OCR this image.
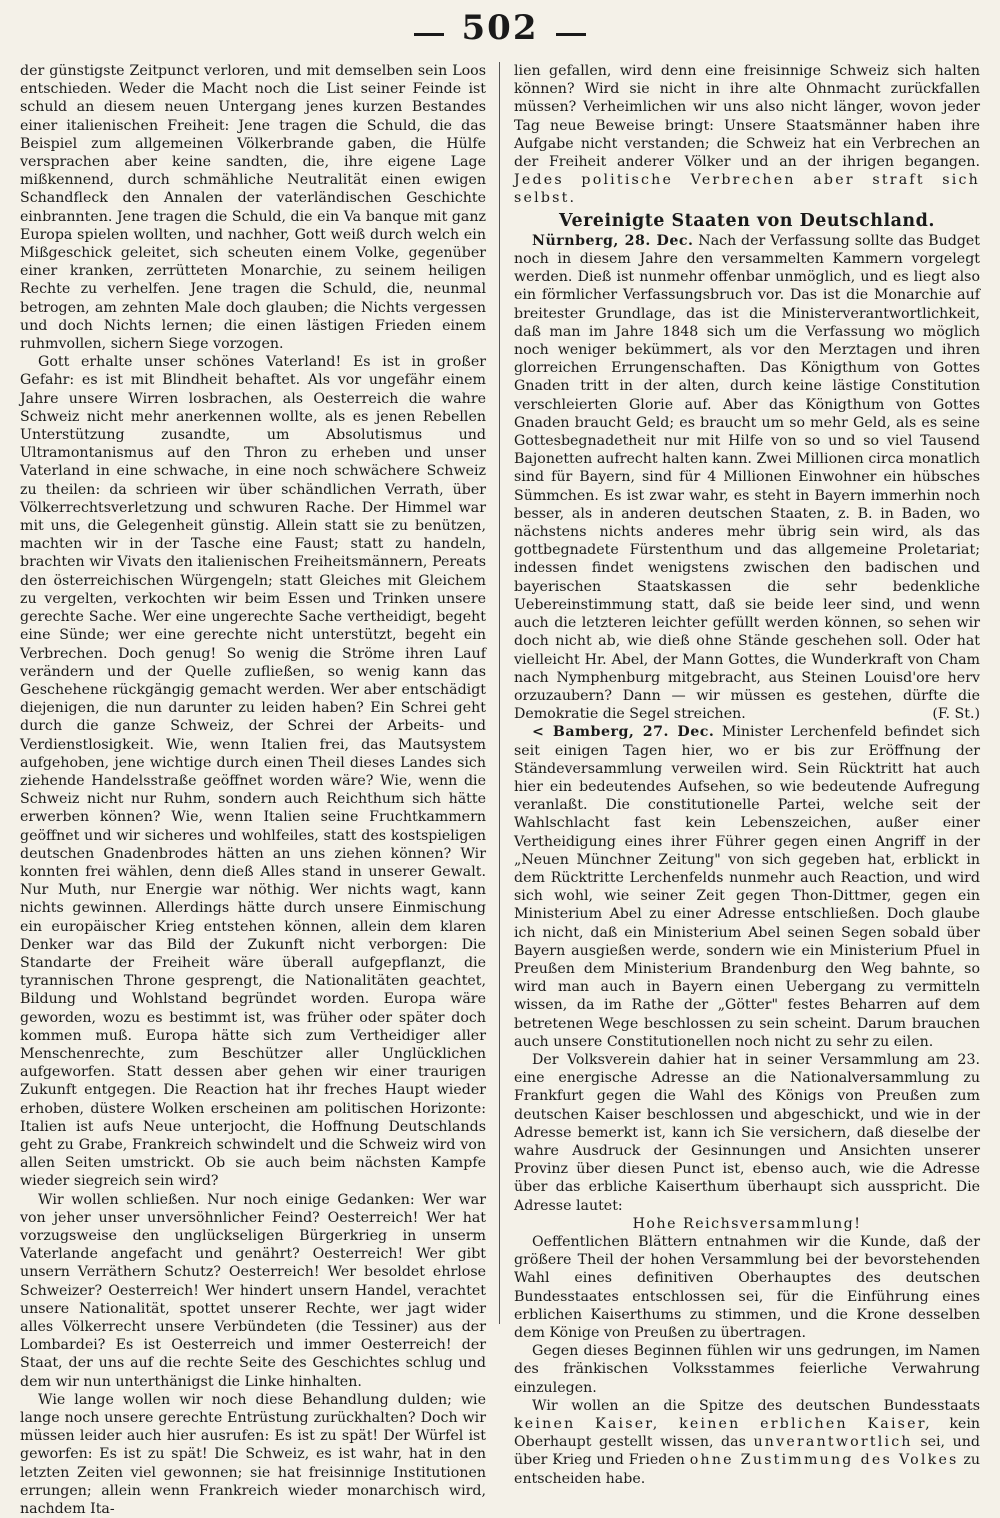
502

der günstigste Zeitpunct verloren, und mit demselben sein Loos entschieden. Weder die Macht noch die List seiner Feinde ist schuld an diesem neuen Untergang jenes kurzen Bestandes einer italienischen Freiheit: Jene tragen die Schuld, die das Beispiel zum allgemeinen Völkerbrande gaben, die Hülfe versprachen aber keine sandten, die, ihre eigene Lage mißkennend, durch schmähliche Neutralität einen ewigen Schandfleck den Annalen der vaterländischen Geschichte einbrannten. Jene tragen die Schuld, die ein Va banque mit ganz Europa spielen wollten, und nachher, Gott weiß durch welch ein Mißgeschick geleitet, sich scheuten einem Volke, gegenüber einer kranken, zerrütteten Monarchie, zu seinem heiligen Rechte zu verhelfen. Jene tragen die Schuld, die, neunmal betrogen, am zehnten Male doch glauben; die Nichts vergessen und doch Nichts lernen; die einen lästigen Frieden einem ruhmvollen, sichern Siege vorzogen.

Gott erhalte unser schönes Vaterland! Es ist in großer Gefahr: es ist mit Blindheit behaftet. Als vor ungefähr einem Jahre unsere Wirren losbrachen, als Oesterreich die wahre Schweiz nicht mehr anerkennen wollte, als es jenen Rebellen Unterstützung zusandte, um Absolutismus und Ultramontanismus auf den Thron zu erheben und unser Vaterland in eine schwache, in eine noch schwächere Schweiz zu theilen: da schrieen wir über schändlichen Verrath, über Völkerrechtsverletzung und schwuren Rache. Der Himmel war mit uns, die Gelegenheit günstig. Allein statt sie zu benützen, machten wir in der Tasche eine Faust; statt zu handeln, brachten wir Vivats den italienischen Freiheitsmännern, Pereats den österreichischen Würgengeln; statt Gleiches mit Gleichem zu vergelten, verkochten wir beim Essen und Trinken unsere gerechte Sache. Wer eine ungerechte Sache vertheidigt, begeht eine Sünde; wer eine gerechte nicht unterstützt, begeht ein Verbrechen. Doch genug! So wenig die Ströme ihren Lauf verändern und der Quelle zufließen, so wenig kann das Geschehene rückgängig gemacht werden. Wer aber entschädigt diejenigen, die nun darunter zu leiden haben? Ein Schrei geht durch die ganze Schweiz, der Schrei der Arbeits- und Verdienstlosigkeit. Wie, wenn Italien frei, das Mautsystem aufgehoben, jene wichtige durch einen Theil dieses Landes sich ziehende Handelsstraße geöffnet worden wäre? Wie, wenn die Schweiz nicht nur Ruhm, sondern auch Reichthum sich hätte erwerben können? Wie, wenn Italien seine Fruchtkammern geöffnet und wir sicheres und wohlfeiles, statt des kostspieligen deutschen Gnadenbrodes hätten an uns ziehen können? Wir konnten frei wählen, denn dieß Alles stand in unserer Gewalt. Nur Muth, nur Energie war nöthig. Wer nichts wagt, kann nichts gewinnen. Allerdings hätte durch unsere Einmischung ein europäischer Krieg entstehen können, allein dem klaren Denker war das Bild der Zukunft nicht verborgen: Die Standarte der Freiheit wäre überall aufgepflanzt, die tyrannischen Throne gesprengt, die Nationalitäten geachtet, Bildung und Wohlstand begründet worden. Europa wäre geworden, wozu es bestimmt ist, was früher oder später doch kommen muß. Europa hätte sich zum Vertheidiger aller Menschenrechte, zum Beschützer aller Unglücklichen aufgeworfen. Statt dessen aber gehen wir einer traurigen Zukunft entgegen. Die Reaction hat ihr freches Haupt wieder erhoben, düstere Wolken erscheinen am politischen Horizonte: Italien ist aufs Neue unterjocht, die Hoffnung Deutschlands geht zu Grabe, Frankreich schwindelt und die Schweiz wird von allen Seiten umstrickt. Ob sie auch beim nächsten Kampfe wieder siegreich sein wird?

Wir wollen schließen. Nur noch einige Gedanken: Wer war von jeher unser unversöhnlicher Feind? Oesterreich! Wer hat vorzugsweise den unglückseligen Bürgerkrieg in unserm Vaterlande angefacht und genährt? Oesterreich! Wer gibt unsern Verräthern Schutz? Oesterreich! Wer besoldet ehrlose Schweizer? Oesterreich! Wer hindert unsern Handel, verachtet unsere Nationalität, spottet unserer Rechte, wer jagt wider alles Völkerrecht unsere Verbündeten (die Tessiner) aus der Lombardei? Es ist Oesterreich und immer Oesterreich! der Staat, der uns auf die rechte Seite des Geschichtes schlug und dem wir nun unterthänigst die Linke hinhalten.

Wie lange wollen wir noch diese Behandlung dulden; wie lange noch unsere gerechte Entrüstung zurückhalten? Doch wir müssen leider auch hier ausrufen: Es ist zu spät! Der Würfel ist geworfen: Es ist zu spät! Die Schweiz, es ist wahr, hat in den letzten Zeiten viel gewonnen; sie hat freisinnige Institutionen errungen; allein wenn Frankreich wieder monarchisch wird, nachdem Ita-

lien gefallen, wird denn eine freisinnige Schweiz sich halten können? Wird sie nicht in ihre alte Ohnmacht zurückfallen müssen? Verheimlichen wir uns also nicht länger, wovon jeder Tag neue Beweise bringt: Unsere Staatsmänner haben ihre Aufgabe nicht verstanden; die Schweiz hat ein Verbrechen an der Freiheit anderer Völker und an der ihrigen begangen. Jedes politische Verbrechen aber straft sich selbst.

Vereinigte Staaten von Deutschland.

Nürnberg, 28. Dec. Nach der Verfassung sollte das Budget noch in diesem Jahre den versammelten Kammern vorgelegt werden. Dieß ist nunmehr offenbar unmöglich, und es liegt also ein förmlicher Verfassungsbruch vor. Das ist die Monarchie auf breitester Grundlage, das ist die Ministerverantwortlichkeit, daß man im Jahre 1848 sich um die Verfassung wo möglich noch weniger bekümmert, als vor den Merztagen und ihren glorreichen Errungenschaften. Das Königthum von Gottes Gnaden tritt in der alten, durch keine lästige Constitution verschleierten Glorie auf. Aber das Königthum von Gottes Gnaden braucht Geld; es braucht um so mehr Geld, als es seine Gottesbegnadetheit nur mit Hilfe von so und so viel Tausend Bajonetten aufrecht halten kann. Zwei Millionen circa monatlich sind für Bayern, sind für 4 Millionen Einwohner ein hübsches Sümmchen. Es ist zwar wahr, es steht in Bayern immerhin noch besser, als in anderen deutschen Staaten, z. B. in Baden, wo nächstens nichts anderes mehr übrig sein wird, als das gottbegnadete Fürstenthum und das allgemeine Proletariat; indessen findet wenigstens zwischen den badischen und bayerischen Staatskassen die sehr bedenkliche Uebereinstimmung statt, daß sie beide leer sind, und wenn auch die letzteren leichter gefüllt werden können, so sehen wir doch nicht ab, wie dieß ohne Stände geschehen soll. Oder hat vielleicht Hr. Abel, der Mann Gottes, die Wunderkraft von Cham nach Nymphenburg mitgebracht, aus Steinen Louisd'ore herv orzuzaubern? Dann — wir müssen es gestehen, dürfte die Demokratie die Segel streichen.	(F. St.)

< Bamberg, 27. Dec. Minister Lerchenfeld befindet sich seit einigen Tagen hier, wo er bis zur Eröffnung der Ständeversammlung verweilen wird. Sein Rücktritt hat auch hier ein bedeutendes Aufsehen, so wie bedeutende Aufregung veranlaßt. Die constitutionelle Partei, welche seit der Wahlschlacht fast kein Lebenszeichen, außer einer Vertheidigung eines ihrer Führer gegen einen Angriff in der „Neuen Münchner Zeitung" von sich gegeben hat, erblickt in dem Rücktritte Lerchenfelds nunmehr auch Reaction, und wird sich wohl, wie seiner Zeit gegen Thon-Dittmer, gegen ein Ministerium Abel zu einer Adresse entschließen. Doch glaube ich nicht, daß ein Ministerium Abel seinen Segen sobald über Bayern ausgießen werde, sondern wie ein Ministerium Pfuel in Preußen dem Ministerium Brandenburg den Weg bahnte, so wird man auch in Bayern einen Uebergang zu vermitteln wissen, da im Rathe der „Götter" festes Beharren auf dem betretenen Wege beschlossen zu sein scheint. Darum brauchen auch unsere Constitutionellen noch nicht zu sehr zu eilen.

Der Volksverein dahier hat in seiner Versammlung am 23. eine energische Adresse an die Nationalversammlung zu Frankfurt gegen die Wahl des Königs von Preußen zum deutschen Kaiser beschlossen und abgeschickt, und wie in der Adresse bemerkt ist, kann ich Sie versichern, daß dieselbe der wahre Ausdruck der Gesinnungen und Ansichten unserer Provinz über diesen Punct ist, ebenso auch, wie die Adresse über das erbliche Kaiserthum überhaupt sich ausspricht. Die Adresse lautet:

Hohe Reichsversammlung!

Oeffentlichen Blättern entnahmen wir die Kunde, daß der größere Theil der hohen Versammlung bei der bevorstehenden Wahl eines definitiven Oberhauptes des deutschen Bundesstaates entschlossen sei, für die Einführung eines erblichen Kaiserthums zu stimmen, und die Krone desselben dem Könige von Preußen zu übertragen.

Gegen dieses Beginnen fühlen wir uns gedrungen, im Namen des fränkischen Volksstammes feierliche Verwahrung einzulegen.

Wir wollen an die Spitze des deutschen Bundesstaats keinen Kaiser, keinen erblichen Kaiser, kein Oberhaupt gestellt wissen, das unverantwortlich sei, und über Krieg und Frieden ohne Zustimmung des Volkes zu entscheiden habe.
